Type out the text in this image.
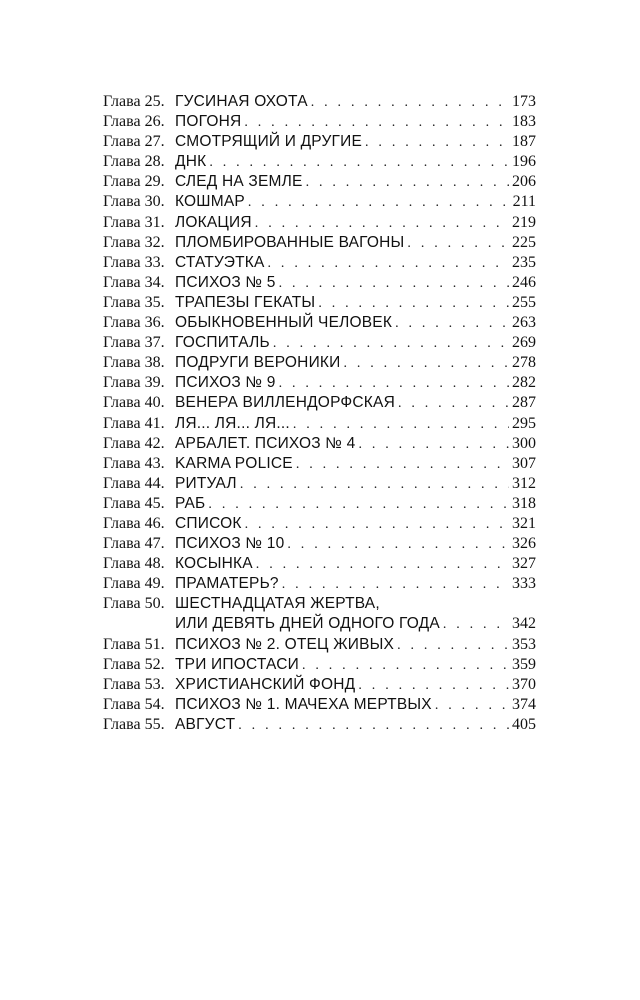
Глава 25. ГУСИНАЯ ОХОТА . . .	173
Глава 26. ПОГОНЯ . . .	183
Глава 27. СМОТРЯЩИЙ И ДРУГИЕ . . .	187
Глава 28. ДНК . . .	196
Глава 29. СЛЕД НА ЗЕМЛЕ . . .	206
Глава 30. КОШМАР . . .	211
Глава 31. ЛОКАЦИЯ . . .	219
Глава 32. ПЛОМБИРОВАННЫЕ ВАГОНЫ . . .	225
Глава 33. СТАТУЭТКА . . .	235
Глава 34. ПСИХОЗ № 5 . . .	246
Глава 35. ТРАПЕЗЫ ГЕКАТЫ . . .	255
Глава 36. ОБЫКНОВЕННЫЙ ЧЕЛОВЕК . . .	263
Глава 37. ГОСПИТАЛЬ . . .	269
Глава 38. ПОДРУГИ ВЕРОНИКИ . . .	278
Глава 39. ПСИХОЗ № 9 . . .	282
Глава 40. ВЕНЕРА ВИЛЛЕНДОРФСКАЯ . . .	287
Глава 41. ЛЯ... ЛЯ... ЛЯ... . . .	295
Глава 42. АРБАЛЕТ. ПСИХОЗ № 4 . . .	300
Глава 43. KARMA POLICE . . .	307
Глава 44. РИТУАЛ . . .	312
Глава 45. РАБ . . .	318
Глава 46. СПИСОК . . .	321
Глава 47. ПСИХОЗ № 10 . . .	326
Глава 48. КОСЫНКА . . .	327
Глава 49. ПРАМАТЕРЬ? . . .	333
Глава 50. ШЕСТНАДЦАТАЯ ЖЕРТВА,
ИЛИ ДЕВЯТЬ ДНЕЙ ОДНОГО ГОДА . . .	342
Глава 51. ПСИХОЗ № 2. ОТЕЦ ЖИВЫХ . . .	353
Глава 52. ТРИ ИПОСТАСИ . . .	359
Глава 53. ХРИСТИАНСКИЙ ФОНД . . .	370
Глава 54. ПСИХОЗ № 1. МАЧЕХА МЕРТВЫХ . . .	374
Глава 55. АВГУСТ . . .	405
